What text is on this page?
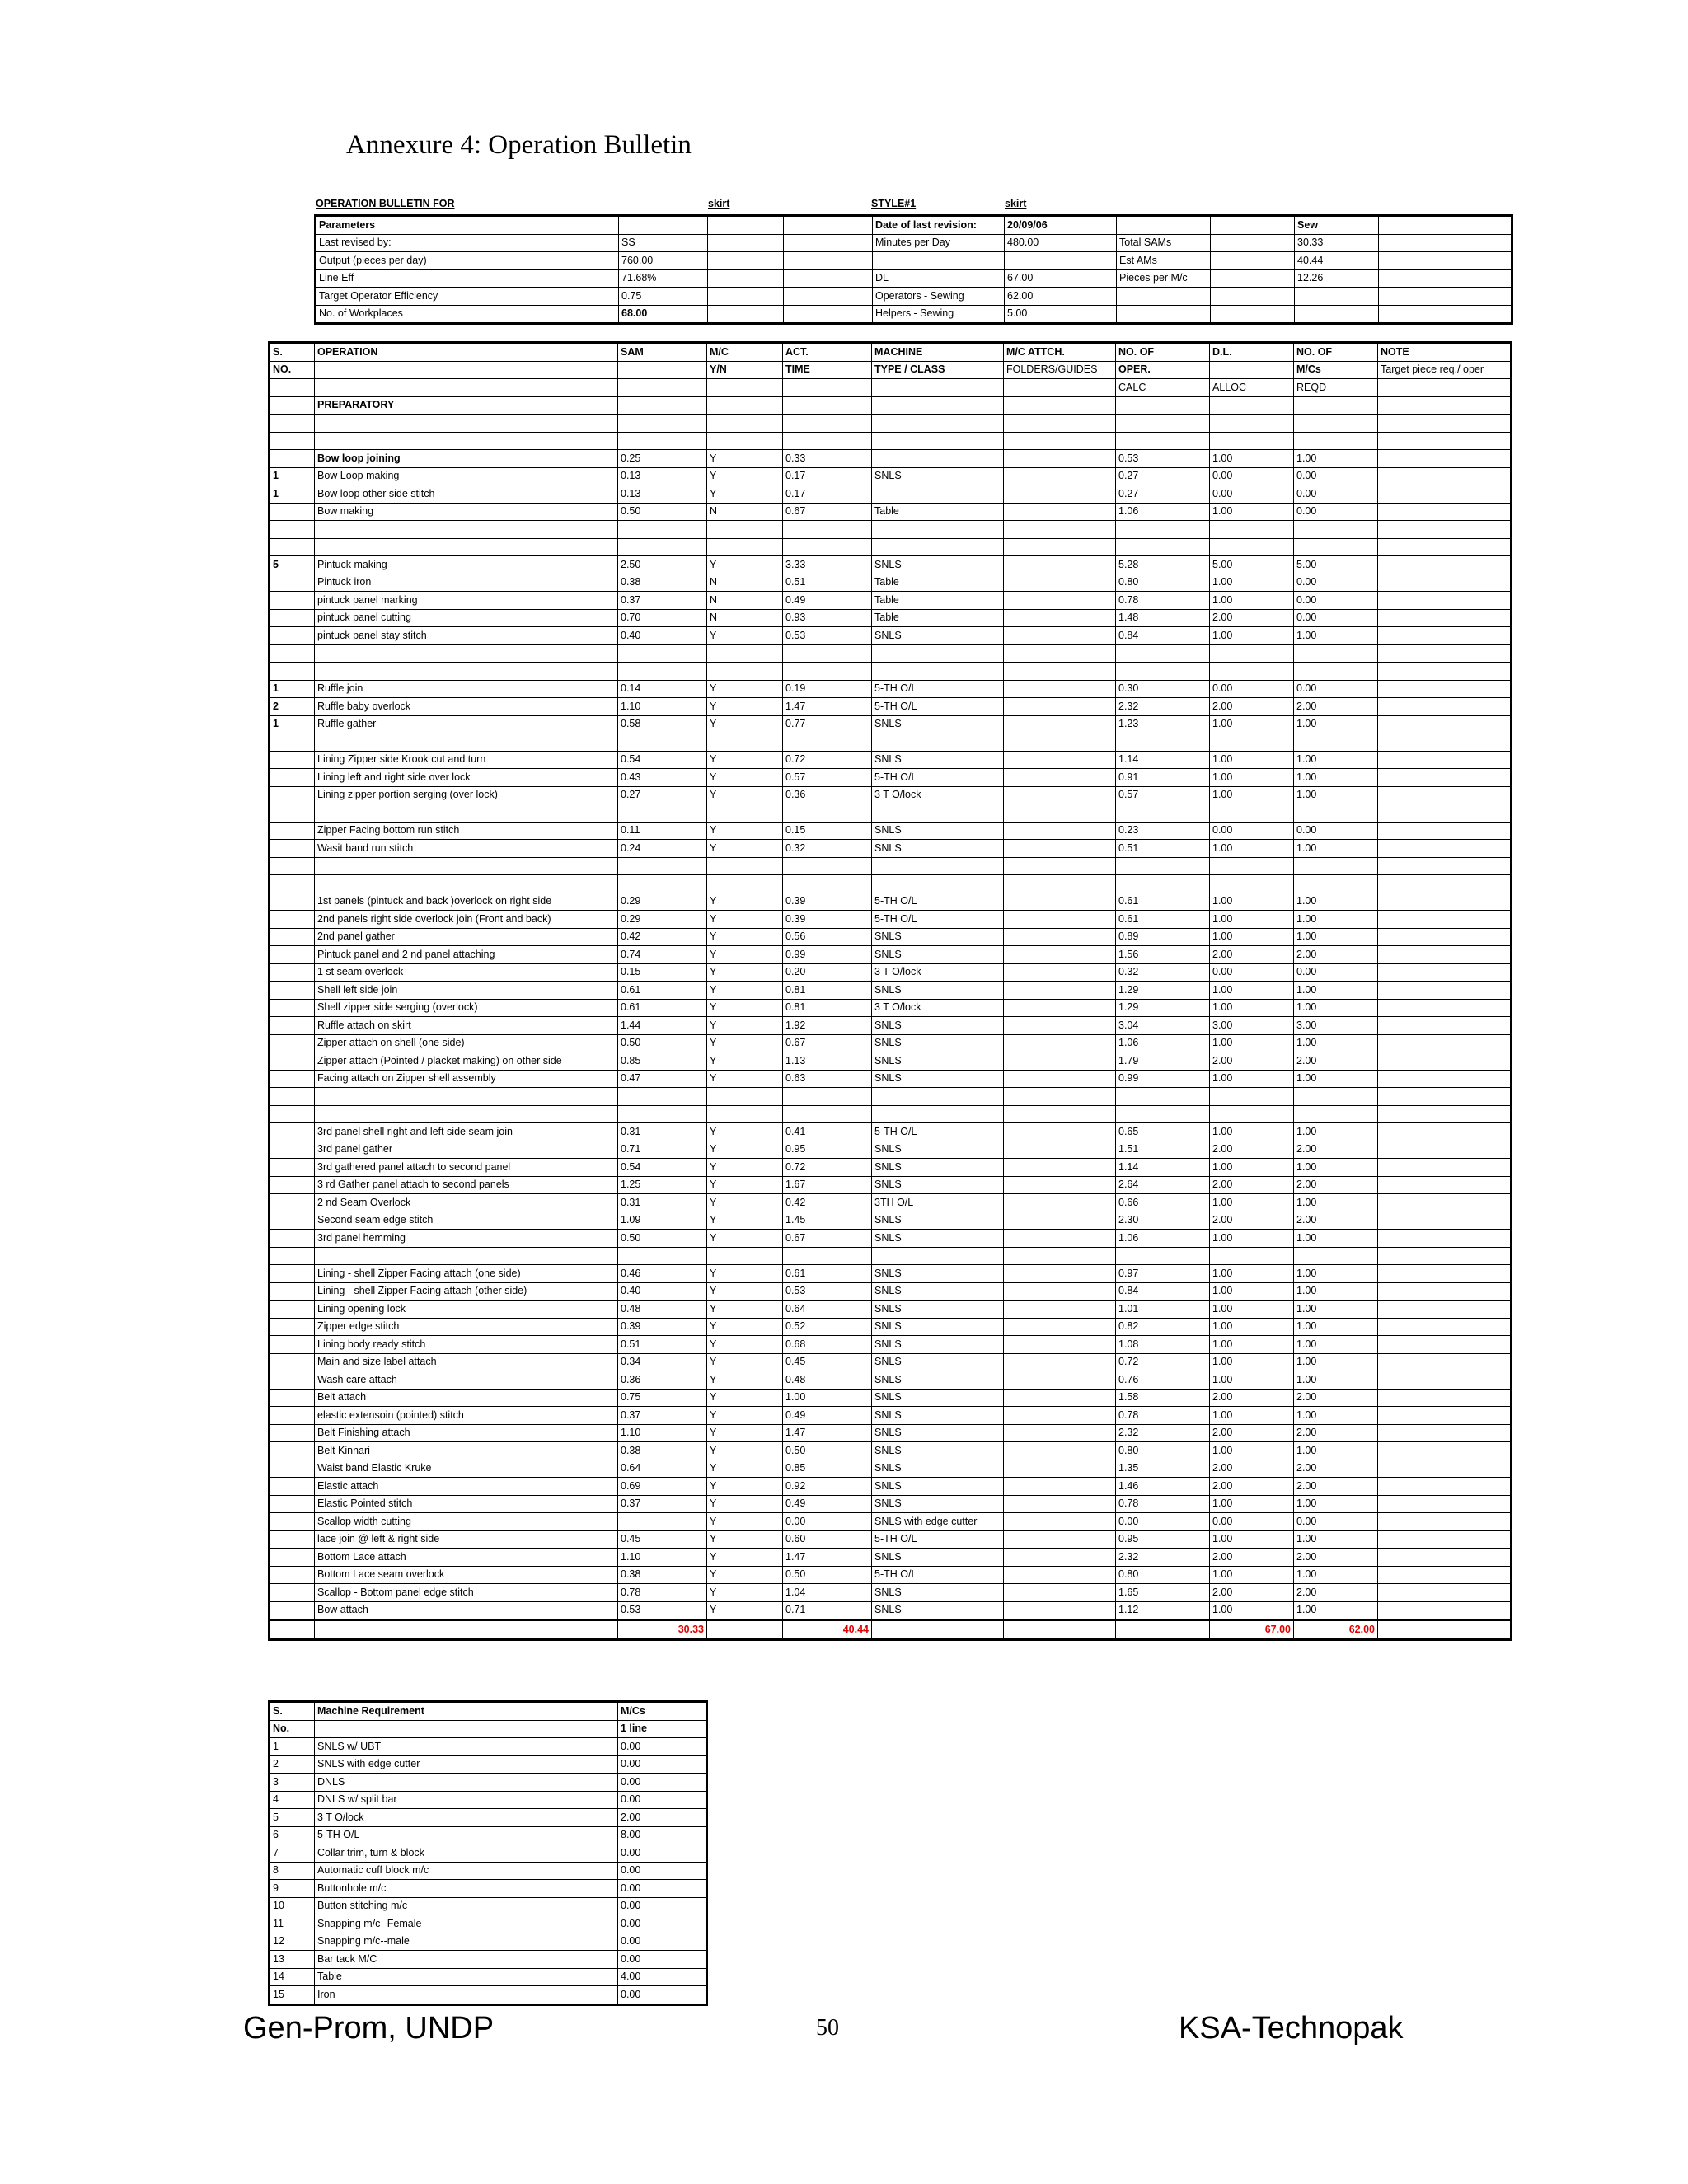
Annexure 4: Operation Bulletin
OPERATION BULLETIN FOR	skirt	STYLE#1	skirt
Parameters				Date of last revision:	20/09/06			Sew	
Last revised by:	SS			Minutes per Day	480.00	Total SAMs		30.33	
Output (pieces per day)	760.00					Est AMs		40.44	
Line Eff	71.68%			DL	67.00	Pieces per M/c		12.26	
Target Operator Efficiency	0.75			Operators - Sewing	62.00				
No. of Workplaces	68.00			Helpers - Sewing	5.00				
S.	OPERATION	SAM	M/C	ACT.	MACHINE	M/C ATTCH.	NO. OF	D.L.	NO. OF	NOTE
NO.			Y/N	TIME	TYPE / CLASS	FOLDERS/GUIDES	OPER.		M/Cs	Target piece req./ oper
							CALC	ALLOC	REQD	
	PREPARATORY									

	Bow loop joining	0.25	Y	0.33			0.53	1.00	1.00	
1	Bow Loop making	0.13	Y	0.17	SNLS		0.27	0.00	0.00	
1	Bow loop other side stitch	0.13	Y	0.17			0.27	0.00	0.00	
	Bow making	0.50	N	0.67	Table		1.06	1.00	0.00	

5	Pintuck making	2.50	Y	3.33	SNLS		5.28	5.00	5.00	
	Pintuck iron	0.38	N	0.51	Table		0.80	1.00	0.00	
	pintuck panel marking	0.37	N	0.49	Table		0.78	1.00	0.00	
	pintuck panel cutting	0.70	N	0.93	Table		1.48	2.00	0.00	
	pintuck panel stay stitch	0.40	Y	0.53	SNLS		0.84	1.00	1.00	

1	Ruffle join	0.14	Y	0.19	5-TH O/L		0.30	0.00	0.00	
2	Ruffle baby overlock	1.10	Y	1.47	5-TH O/L		2.32	2.00	2.00	
1	Ruffle gather	0.58	Y	0.77	SNLS		1.23	1.00	1.00	

	Lining Zipper side Krook cut and turn	0.54	Y	0.72	SNLS		1.14	1.00	1.00	
	Lining left and right side over lock	0.43	Y	0.57	5-TH O/L		0.91	1.00	1.00	
	Lining zipper portion serging (over lock)	0.27	Y	0.36	3 T O/lock		0.57	1.00	1.00	

	Zipper Facing bottom run stitch	0.11	Y	0.15	SNLS		0.23	0.00	0.00	
	Wasit band run stitch	0.24	Y	0.32	SNLS		0.51	1.00	1.00	

	1st panels (pintuck and back )overlock on right side	0.29	Y	0.39	5-TH O/L		0.61	1.00	1.00	
	2nd panels right side overlock join (Front and back)	0.29	Y	0.39	5-TH O/L		0.61	1.00	1.00	
	2nd panel gather	0.42	Y	0.56	SNLS		0.89	1.00	1.00	
	Pintuck panel and 2 nd panel attaching	0.74	Y	0.99	SNLS		1.56	2.00	2.00	
	1 st seam overlock	0.15	Y	0.20	3 T O/lock		0.32	0.00	0.00	
	Shell left side join	0.61	Y	0.81	SNLS		1.29	1.00	1.00	
	Shell zipper side serging (overlock)	0.61	Y	0.81	3 T O/lock		1.29	1.00	1.00	
	Ruffle attach on skirt	1.44	Y	1.92	SNLS		3.04	3.00	3.00	
	Zipper attach on shell (one side)	0.50	Y	0.67	SNLS		1.06	1.00	1.00	
	Zipper attach (Pointed / placket making) on other side	0.85	Y	1.13	SNLS		1.79	2.00	2.00	
	Facing attach on Zipper shell assembly	0.47	Y	0.63	SNLS		0.99	1.00	1.00	

	3rd panel shell right and left side seam join	0.31	Y	0.41	5-TH O/L		0.65	1.00	1.00	
	3rd panel gather	0.71	Y	0.95	SNLS		1.51	2.00	2.00	
	3rd gathered panel attach to second panel	0.54	Y	0.72	SNLS		1.14	1.00	1.00	
	3 rd Gather panel attach to second panels	1.25	Y	1.67	SNLS		2.64	2.00	2.00	
	2 nd Seam Overlock	0.31	Y	0.42	3TH O/L		0.66	1.00	1.00	
	Second seam edge stitch	1.09	Y	1.45	SNLS		2.30	2.00	2.00	
	3rd panel hemming	0.50	Y	0.67	SNLS		1.06	1.00	1.00	

	Lining - shell Zipper Facing attach (one side)	0.46	Y	0.61	SNLS		0.97	1.00	1.00	
	Lining - shell Zipper Facing attach (other side)	0.40	Y	0.53	SNLS		0.84	1.00	1.00	
	Lining opening lock	0.48	Y	0.64	SNLS		1.01	1.00	1.00	
	Zipper edge stitch	0.39	Y	0.52	SNLS		0.82	1.00	1.00	
	Lining body ready stitch	0.51	Y	0.68	SNLS		1.08	1.00	1.00	
	Main and size label attach	0.34	Y	0.45	SNLS		0.72	1.00	1.00	
	Wash care attach	0.36	Y	0.48	SNLS		0.76	1.00	1.00	
	Belt attach	0.75	Y	1.00	SNLS		1.58	2.00	2.00	
	elastic extensoin (pointed) stitch	0.37	Y	0.49	SNLS		0.78	1.00	1.00	
	Belt Finishing attach	1.10	Y	1.47	SNLS		2.32	2.00	2.00	
	Belt Kinnari	0.38	Y	0.50	SNLS		0.80	1.00	1.00	
	Waist band Elastic Kruke	0.64	Y	0.85	SNLS		1.35	2.00	2.00	
	Elastic attach	0.69	Y	0.92	SNLS		1.46	2.00	2.00	
	Elastic Pointed stitch	0.37	Y	0.49	SNLS		0.78	1.00	1.00	
	Scallop width cutting		Y	0.00	SNLS with edge cutter		0.00	0.00	0.00	
	lace join @ left & right side	0.45	Y	0.60	5-TH O/L		0.95	1.00	1.00	
	Bottom Lace attach	1.10	Y	1.47	SNLS		2.32	2.00	2.00	
	Bottom Lace seam overlock	0.38	Y	0.50	5-TH O/L		0.80	1.00	1.00	
	Scallop - Bottom panel edge stitch	0.78	Y	1.04	SNLS		1.65	2.00	2.00	
	Bow attach	0.53	Y	0.71	SNLS		1.12	1.00	1.00	
		30.33		40.44				67.00	62.00	
S.	Machine Requirement	M/Cs
No.		1 line
1	SNLS w/ UBT	0.00
2	SNLS with edge cutter	0.00
3	DNLS	0.00
4	DNLS w/ split bar	0.00
5	3 T O/lock	2.00
6	5-TH O/L	8.00
7	Collar trim, turn & block	0.00
8	Automatic cuff block m/c	0.00
9	Buttonhole m/c	0.00
10	Button stitching m/c	0.00
11	Snapping m/c--Female	0.00
12	Snapping m/c--male	0.00
13	Bar tack M/C	0.00
14	Table	4.00
15	Iron	0.00
Gen-Prom, UNDP	50	KSA-Technopak
